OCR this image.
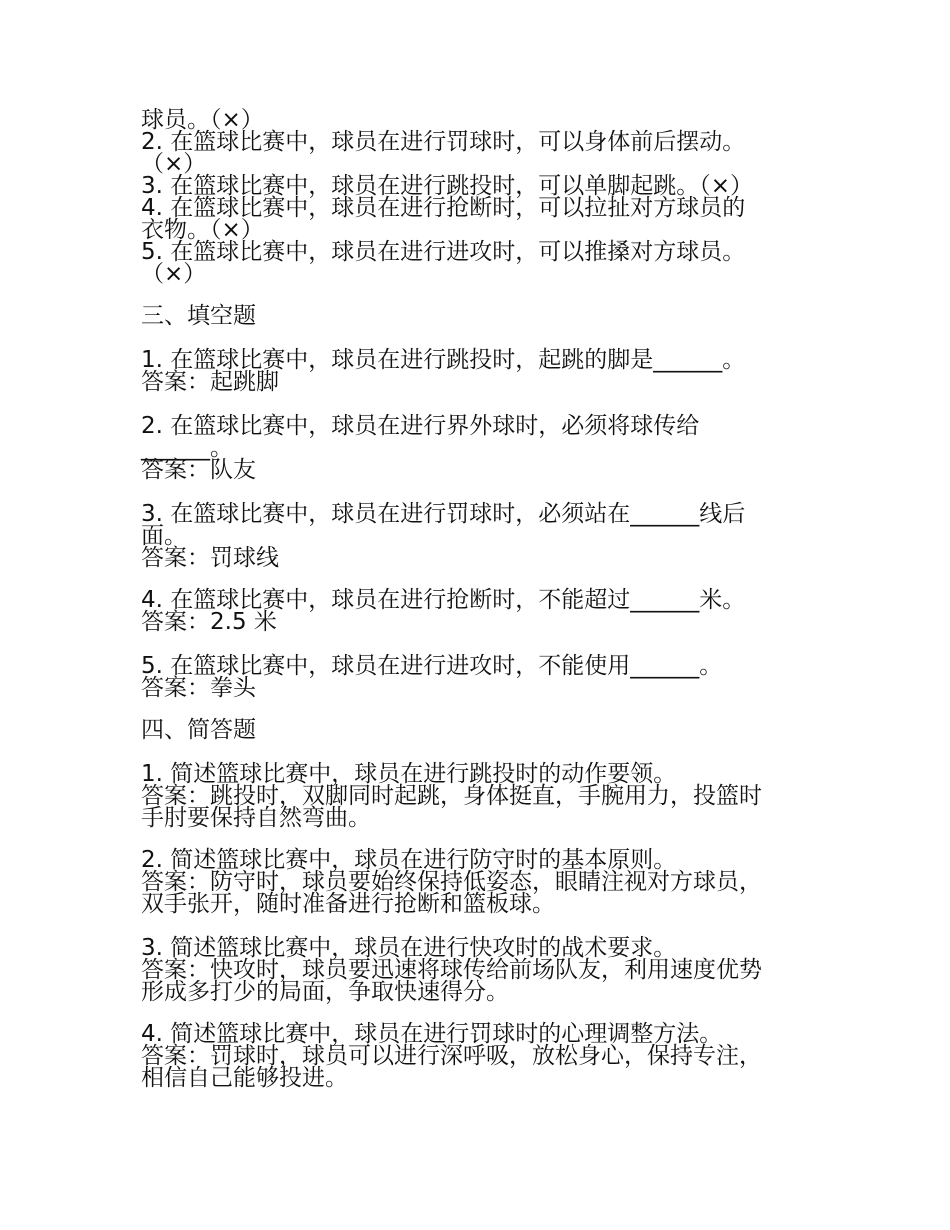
球员。（×）
2. 在篮球比赛中，球员在进行罚球时，可以身体前后摆动。
（×）
3. 在篮球比赛中，球员在进行跳投时，可以单脚起跳。（×）
4. 在篮球比赛中，球员在进行抢断时，可以拉扯对方球员的
衣物。（×）
5. 在篮球比赛中，球员在进行进攻时，可以推搡对方球员。
（×）
三、填空题
1. 在篮球比赛中，球员在进行跳投时，起跳的脚是______。
答案：起跳脚
2. 在篮球比赛中，球员在进行界外球时，必须将球传给
______。
答案：队友
3. 在篮球比赛中，球员在进行罚球时，必须站在______线后
面。
答案：罚球线
4. 在篮球比赛中，球员在进行抢断时，不能超过______米。
答案：2.5 米
5. 在篮球比赛中，球员在进行进攻时，不能使用______。
答案：拳头
四、简答题
1. 简述篮球比赛中，球员在进行跳投时的动作要领。
答案：跳投时，双脚同时起跳，身体挺直，手腕用力，投篮时
手肘要保持自然弯曲。
2. 简述篮球比赛中，球员在进行防守时的基本原则。
答案：防守时，球员要始终保持低姿态，眼睛注视对方球员，
双手张开，随时准备进行抢断和篮板球。
3. 简述篮球比赛中，球员在进行快攻时的战术要求。
答案：快攻时，球员要迅速将球传给前场队友，利用速度优势
形成多打少的局面，争取快速得分。
4. 简述篮球比赛中，球员在进行罚球时的心理调整方法。
答案：罚球时，球员可以进行深呼吸，放松身心，保持专注，
相信自己能够投进。
